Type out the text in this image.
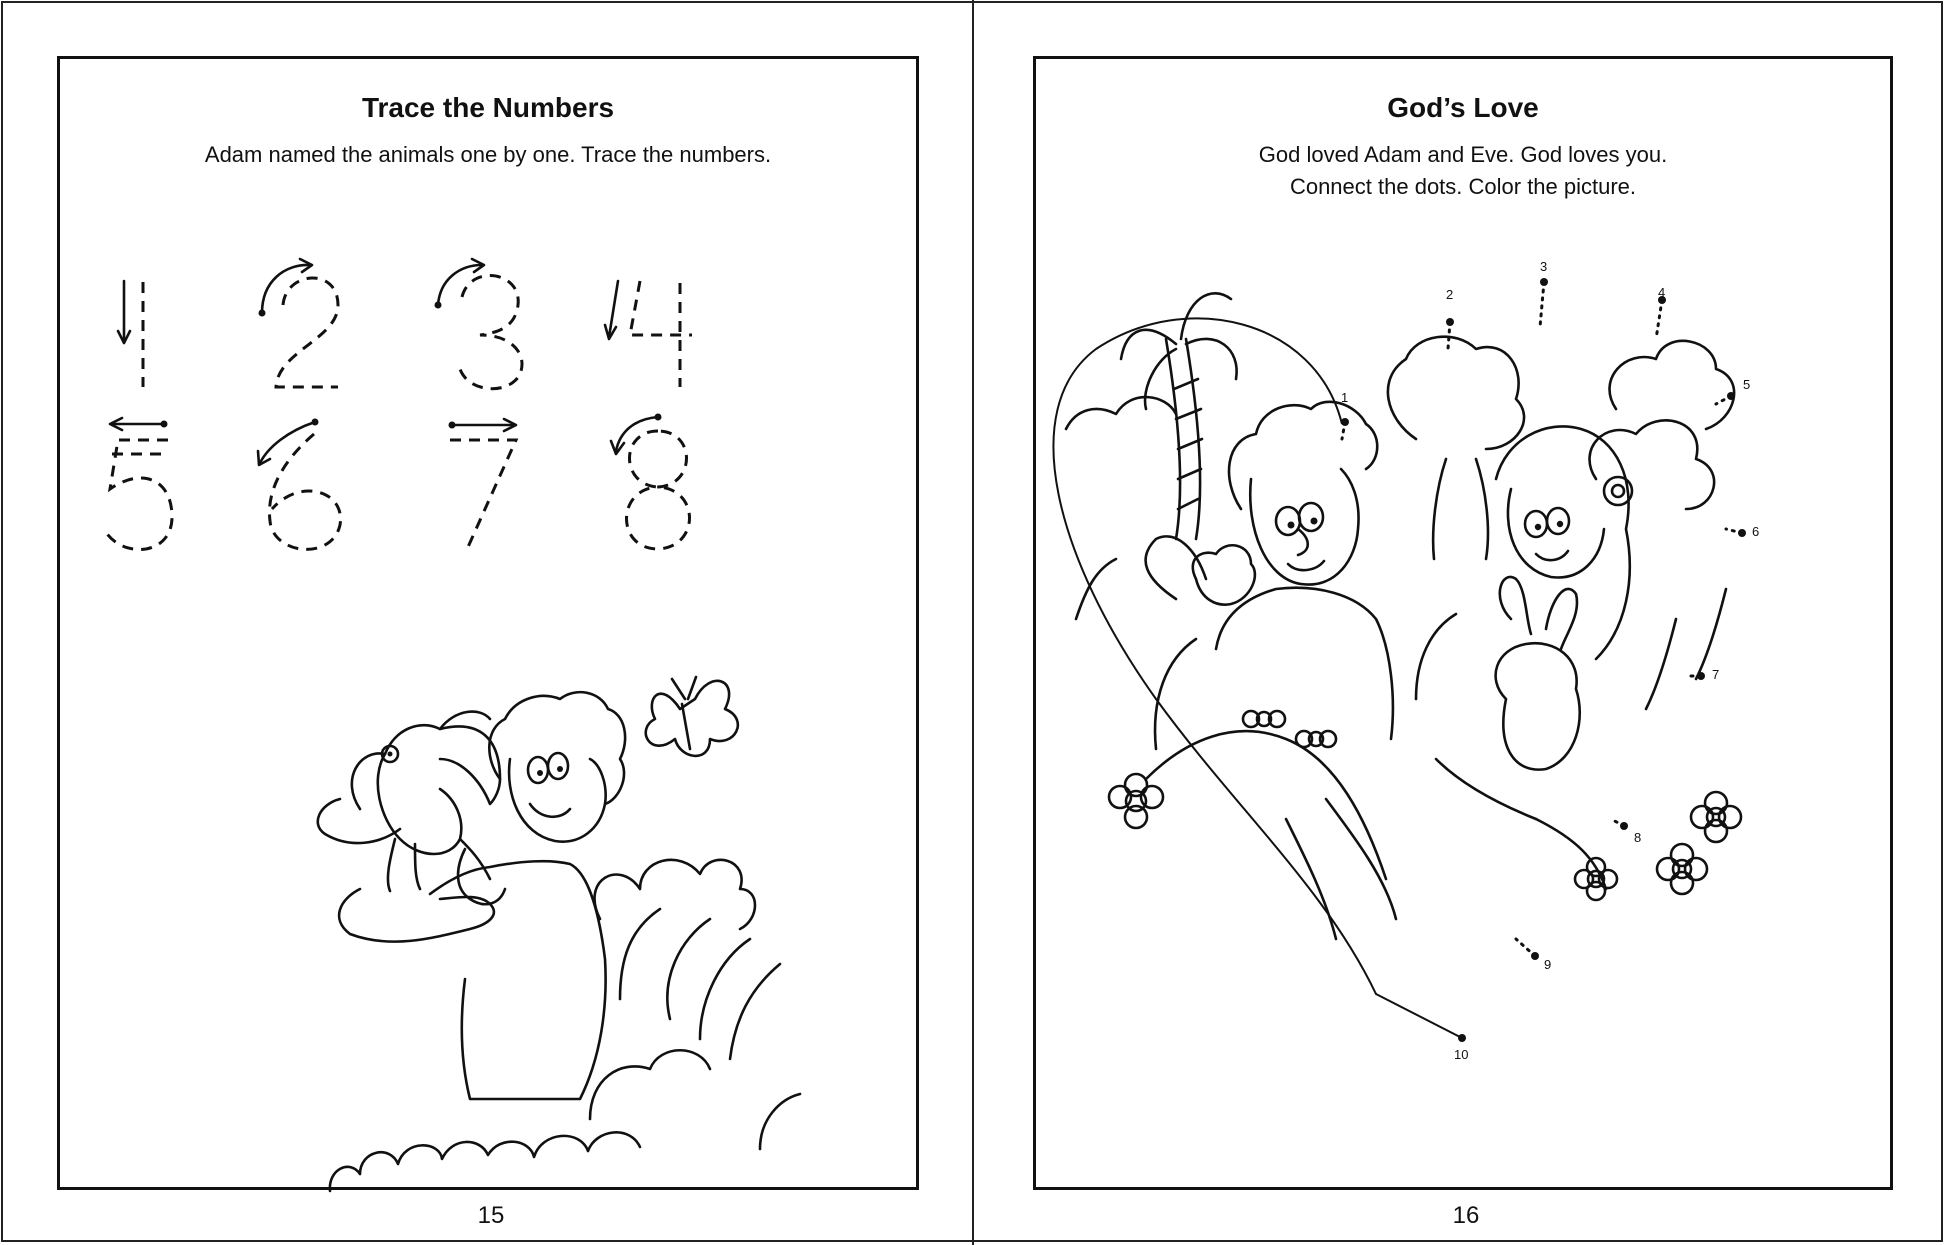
Trace the Numbers
Adam named the animals one by one. Trace the numbers.
15
God’s Love
God loved Adam and Eve. God loves you.
Connect the dots. Color the picture.
1
2
3
4
5
6
7
8
9
10
16
